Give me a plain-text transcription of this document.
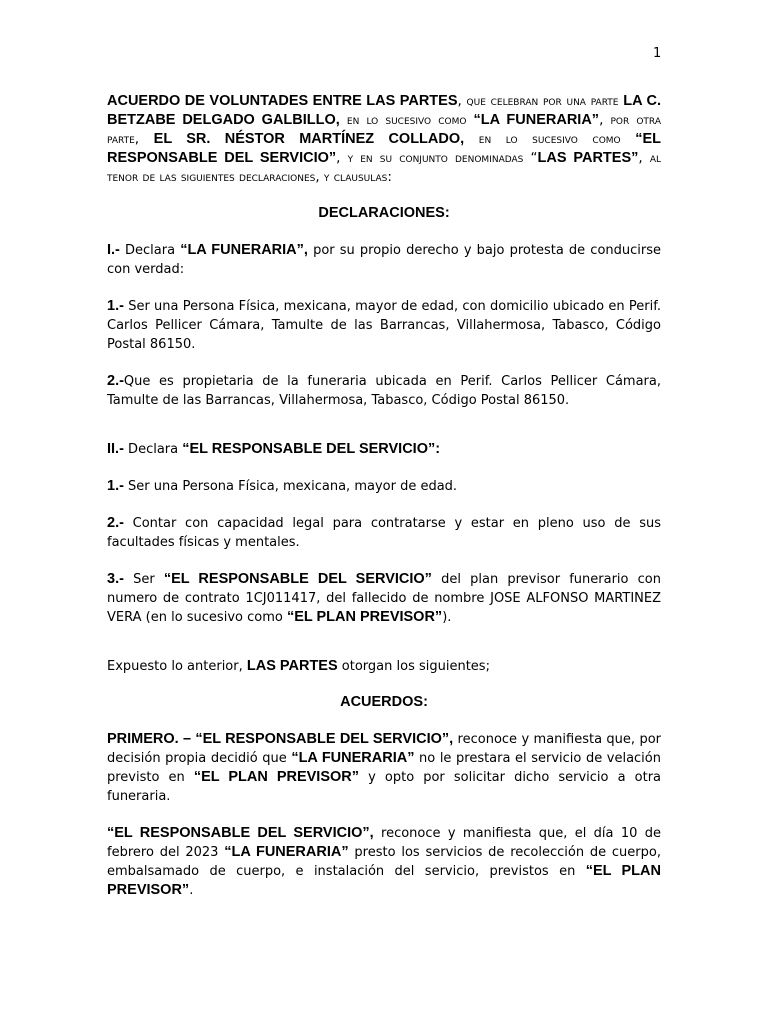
1

ACUERDO DE VOLUNTADES ENTRE LAS PARTES, que celebran por una parte LA C. BETZABE DELGADO GALBILLO, en lo sucesivo como “LA FUNERARIA”, por otra parte, EL SR. NÉSTOR MARTÍNEZ COLLADO, en lo sucesivo como “EL RESPONSABLE DEL SERVICIO”, y en su conjunto denominadas “LAS PARTES”, al tenor de las siguientes declaraciones, y clausulas:

DECLARACIONES:

I.- Declara “LA FUNERARIA”, por su propio derecho y bajo protesta de conducirse con verdad:

1.- Ser una Persona Física, mexicana, mayor de edad, con domicilio ubicado en Perif. Carlos Pellicer Cámara, Tamulte de las Barrancas, Villahermosa, Tabasco, Código Postal 86150.

2.-Que es propietaria de la funeraria ubicada en Perif. Carlos Pellicer Cámara, Tamulte de las Barrancas, Villahermosa, Tabasco, Código Postal 86150.

II.- Declara “EL RESPONSABLE DEL SERVICIO”:

1.- Ser una Persona Física, mexicana, mayor de edad.

2.- Contar con capacidad legal para contratarse y estar en pleno uso de sus facultades físicas y mentales.

3.- Ser “EL RESPONSABLE DEL SERVICIO” del plan previsor funerario con numero de contrato 1CJ011417, del fallecido de nombre JOSE ALFONSO MARTINEZ VERA (en lo sucesivo como “EL PLAN PREVISOR”).

Expuesto lo anterior, LAS PARTES otorgan los siguientes;

ACUERDOS:

PRIMERO. – “EL RESPONSABLE DEL SERVICIO”, reconoce y manifiesta que, por decisión propia decidió que “LA FUNERARIA” no le prestara el servicio de velación previsto en “EL PLAN PREVISOR” y opto por solicitar dicho servicio a otra funeraria.

“EL RESPONSABLE DEL SERVICIO”, reconoce y manifiesta que, el día 10 de febrero del 2023 “LA FUNERARIA” presto los servicios de recolección de cuerpo, embalsamado de cuerpo, e instalación del servicio, previstos en “EL PLAN PREVISOR”.
